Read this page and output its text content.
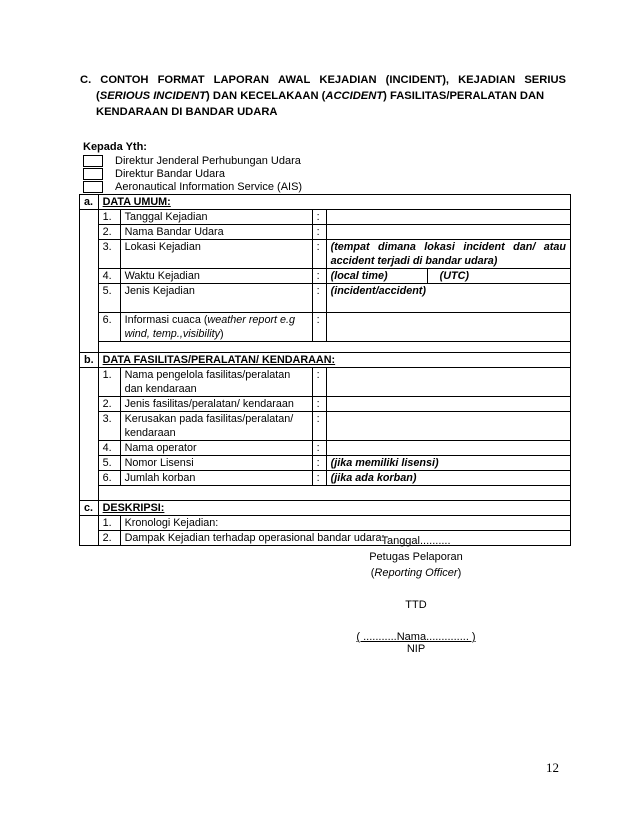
C. CONTOH FORMAT LAPORAN AWAL KEJADIAN (INCIDENT), KEJADIAN SERIUS
(SERIOUS INCIDENT) DAN KECELAKAAN (ACCIDENT) FASILITAS/PERALATAN DAN
KENDARAAN DI BANDAR UDARA
Kepada Yth:
Direktur Jenderal Perhubungan Udara
Direktur Bandar Udara
Aeronautical Information Service (AIS)
a.	DATA UMUM:			
	1.	Tanggal Kejadian	:	
	2.	Nama Bandar Udara	:	
	3.	Lokasi Kejadian	:	(tempat dimana lokasi incident dan/ atau accident terjadi di bandar udara)
	4.	Waktu Kejadian	:	(local time) (UTC)

	5.	Jenis Kejadian	:	(incident/accident)
	6.	Informasi cuaca (weather report e.g wind, temp.,visibility)	:	

b.	DATA FASILITAS/PERALATAN/ KENDARAAN:			
	1.	Nama pengelola fasilitas/peralatan dan kendaraan	:	
	2.	Jenis fasilitas/peralatan/ kendaraan	:	
	3.	Kerusakan pada fasilitas/peralatan/ kendaraan	:	
	4.	Nama operator	:	
	5.	Nomor Lisensi	:	(jika memiliki lisensi)
	6.	Jumlah korban	:	(jika ada korban)

c.	DESKRIPSI:			
	1.	Kronologi Kejadian:		
	2.	Dampak Kejadian terhadap operasional bandar udara:		
Tanggal..........
Petugas Pelaporan
(Reporting Officer)
TTD
( ...........Nama.............. )
NIP
12
